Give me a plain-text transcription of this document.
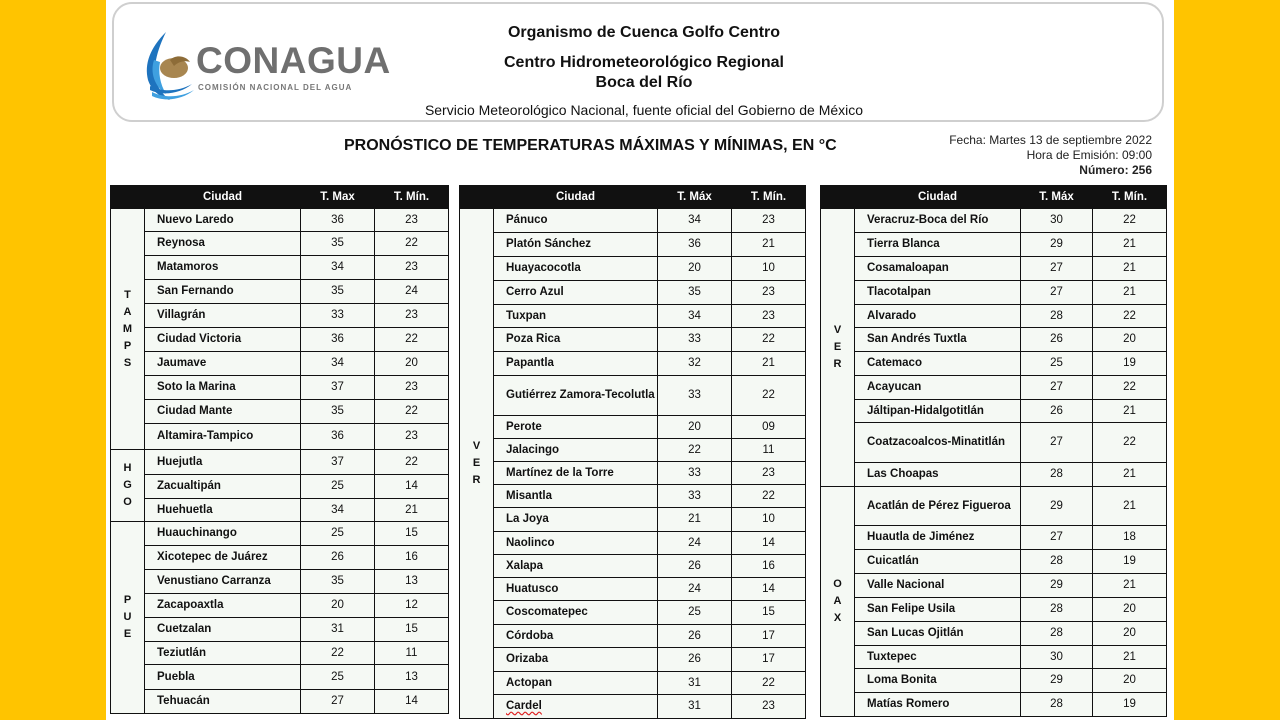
CONAGUA
COMISIÓN NACIONAL DEL AGUA
Organismo de Cuenca Golfo Centro
Centro Hidrometeorológico Regional
Boca del Río
Servicio Meteorológico Nacional, fuente oficial del Gobierno de México
PRONÓSTICO DE TEMPERATURAS MÁXIMAS Y MÍNIMAS, EN °C	Fecha: Martes 13 de septiembre 2022
Hora de Emisión: 09:00
Número: 256
	Ciudad	T. Max	T. Mín.
T
A
M
P
S	Nuevo Laredo	36	23
	Reynosa	35	22
	Matamoros	34	23
	San Fernando	35	24
	Villagrán	33	23
	Ciudad Victoria	36	22
	Jaumave	34	20
	Soto la Marina	37	23
	Ciudad Mante	35	22
	Altamira-Tampico	36	23
H
G
O	Huejutla	37	22
	Zacualtipán	25	14
	Huehuetla	34	21
P
U
E	Huauchinango	25	15
	Xicotepec de Juárez	26	16
	Venustiano Carranza	35	13
	Zacapoaxtla	20	12
	Cuetzalan	31	15
	Teziutlán	22	11
	Puebla	25	13
	Tehuacán	27	14
	Ciudad	T. Máx	T. Mín.
V
E
R	Pánuco	34	23
	Platón Sánchez	36	21
	Huayacocotla	20	10
	Cerro Azul	35	23
	Tuxpan	34	23
	Poza Rica	33	22
	Papantla	32	21
	Gutiérrez Zamora-Tecolutla	33	22
	Perote	20	09
	Jalacingo	22	11
	Martínez de la Torre	33	23
	Misantla	33	22
	La Joya	21	10
	Naolinco	24	14
	Xalapa	26	16
	Huatusco	24	14
	Coscomatepec	25	15
	Córdoba	26	17
	Orizaba	26	17
	Actopan	31	22
	Cardel	31	23
	Ciudad	T. Máx	T. Mín.
V
E
R	Veracruz-Boca del Río	30	22
	Tierra Blanca	29	21
	Cosamaloapan	27	21
	Tlacotalpan	27	21
	Alvarado	28	22
	San Andrés Tuxtla	26	20
	Catemaco	25	19
	Acayucan	27	22
	Jáltipan-Hidalgotitlán	26	21
	Coatzacoalcos-Minatitlán	27	22
	Las Choapas	28	21
O
A
X	Acatlán de Pérez Figueroa	29	21
	Huautla de Jiménez	27	18
	Cuicatlán	28	19
	Valle Nacional	29	21
	San Felipe Usila	28	20
	San Lucas Ojitlán	28	20
	Tuxtepec	30	21
	Loma Bonita	29	20
	Matías Romero	28	19
